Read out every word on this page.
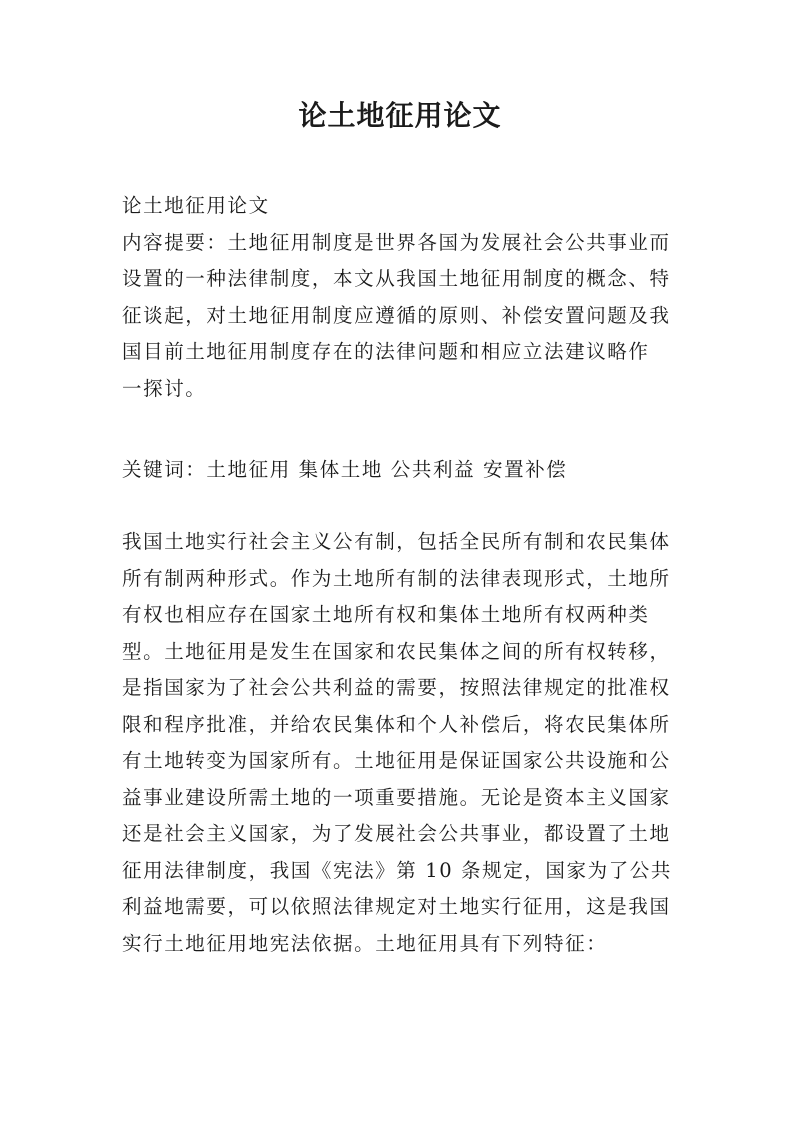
论土地征用论文
论土地征用论文
内容提要：土地征用制度是世界各国为发展社会公共事业而
设置的一种法律制度，本文从我国土地征用制度的概念、特
征谈起，对土地征用制度应遵循的原则、补偿安置问题及我
国目前土地征用制度存在的法律问题和相应立法建议略作
一探讨。
关键词：土地征用 集体土地 公共利益 安置补偿
我国土地实行社会主义公有制，包括全民所有制和农民集体
所有制两种形式。作为土地所有制的法律表现形式，土地所
有权也相应存在国家土地所有权和集体土地所有权两种类
型。土地征用是发生在国家和农民集体之间的所有权转移，
是指国家为了社会公共利益的需要，按照法律规定的批准权
限和程序批准，并给农民集体和个人补偿后，将农民集体所
有土地转变为国家所有。土地征用是保证国家公共设施和公
益事业建设所需土地的一项重要措施。无论是资本主义国家
还是社会主义国家，为了发展社会公共事业，都设置了土地
征用法律制度，我国《宪法》第 10 条规定，国家为了公共
利益地需要，可以依照法律规定对土地实行征用，这是我国
实行土地征用地宪法依据。土地征用具有下列特征：
